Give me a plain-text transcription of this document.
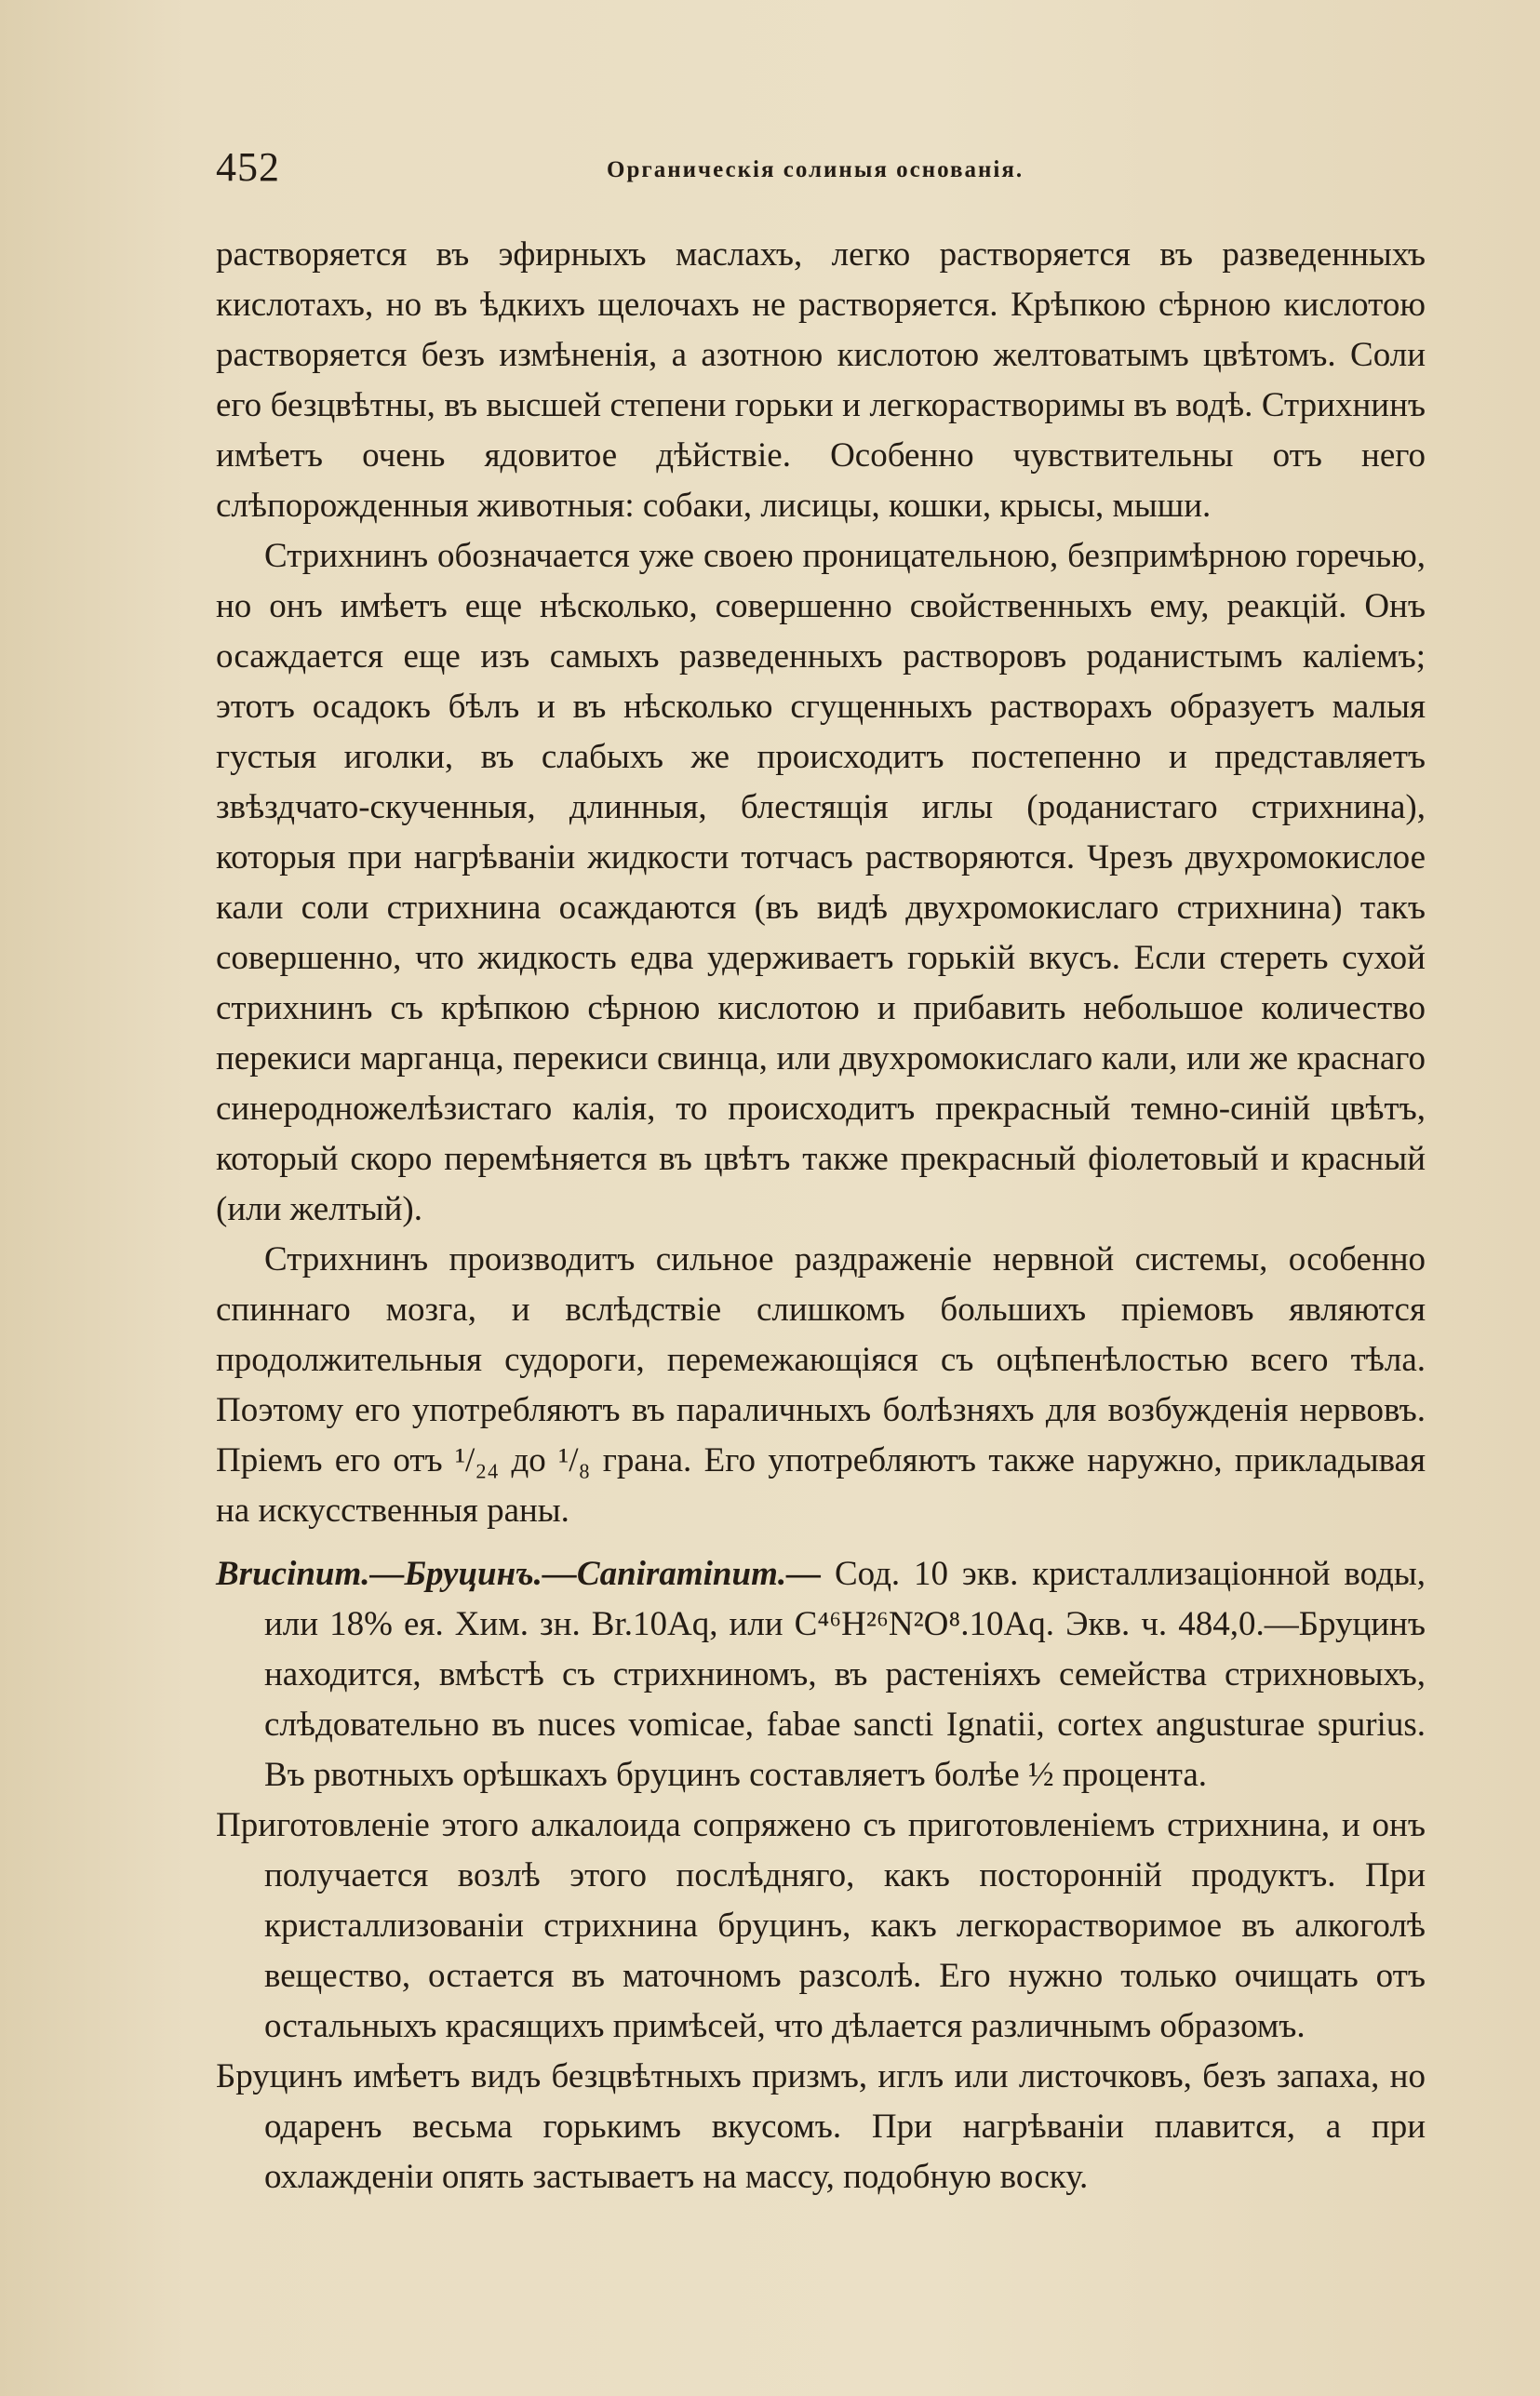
452	Органическія солиныя основанія.

растворяется въ эфирныхъ маслахъ, легко растворяется въ разведенныхъ кислотахъ, но въ ѣдкихъ щелочахъ не растворяется. Крѣпкою сѣрною кислотою растворяется безъ измѣненія, а азотною кислотою желтоватымъ цвѣтомъ. Соли его безцвѣтны, въ высшей степени горьки и легкорастворимы въ водѣ. Стрихнинъ имѣетъ очень ядовитое дѣйствіе. Особенно чувствительны отъ него слѣпорожденныя животныя: собаки, лисицы, кошки, крысы, мыши.

Стрихнинъ обозначается уже своею проницательною, безпримѣрною горечью, но онъ имѣетъ еще нѣсколько, совершенно свойственныхъ ему, реакцій. Онъ осаждается еще изъ самыхъ разведенныхъ растворовъ роданистымъ каліемъ; этотъ осадокъ бѣлъ и въ нѣсколько сгущенныхъ растворахъ образуетъ малыя густыя иголки, въ слабыхъ же происходитъ постепенно и представляетъ звѣздчато-скученныя, длинныя, блестящія иглы (роданистаго стрихнина), которыя при нагрѣваніи жидкости тотчасъ растворяются. Чрезъ двухромокислое кали соли стрихнина осаждаются (въ видѣ двухромокислаго стрихнина) такъ совершенно, что жидкость едва удерживаетъ горькій вкусъ. Если стереть сухой стрихнинъ съ крѣпкою сѣрною кислотою и прибавить небольшое количество перекиси марганца, перекиси свинца, или двухромокислаго кали, или же краснаго синеродножелѣзистаго калія, то происходитъ прекрасный темно-синій цвѣтъ, который скоро перемѣняется въ цвѣтъ также прекрасный фіолетовый и красный (или желтый).

Стрихнинъ производитъ сильное раздраженіе нервной системы, особенно спиннаго мозга, и вслѣдствіе слишкомъ большихъ пріемовъ являются продолжительныя судороги, перемежающіяся съ оцѣпенѣлостью всего тѣла. Поэтому его употребляютъ въ параличныхъ болѣзняхъ для возбужденія нервовъ. Пріемъ его отъ ¹/₂₄ до ¹/₈ грана. Его употребляютъ также наружно, прикладывая на искусственныя раны.

Brucinum.—Бруцинъ.—Caniraminum.— Сод. 10 экв. кристаллизаціонной воды, или 18% ея. Хим. зн. Br.10Aq, или C⁴⁶H²⁶N²O⁸.10Aq. Экв. ч. 484,0.—Бруцинъ находится, вмѣстѣ съ стрихниномъ, въ растеніяхъ семейства стрихновыхъ, слѣдовательно въ nuces vomicae, fabae sancti Ignatii, cortex angusturae spurius. Въ рвотныхъ орѣшкахъ бруцинъ составляетъ болѣе ½ процента.

Приготовленіе этого алкалоида сопряжено съ приготовленіемъ стрихнина, и онъ получается возлѣ этого послѣдняго, какъ посторонній продуктъ. При кристаллизованіи стрихнина бруцинъ, какъ легкорастворимое въ алкоголѣ вещество, остается въ маточномъ разсолѣ. Его нужно только очищать отъ остальныхъ красящихъ примѣсей, что дѣлается различнымъ образомъ.

Бруцинъ имѣетъ видъ безцвѣтныхъ призмъ, иглъ или листочковъ, безъ запаха, но одаренъ весьма горькимъ вкусомъ. При нагрѣваніи плавится, а при охлажденіи опять застываетъ на массу, подобную воску.
